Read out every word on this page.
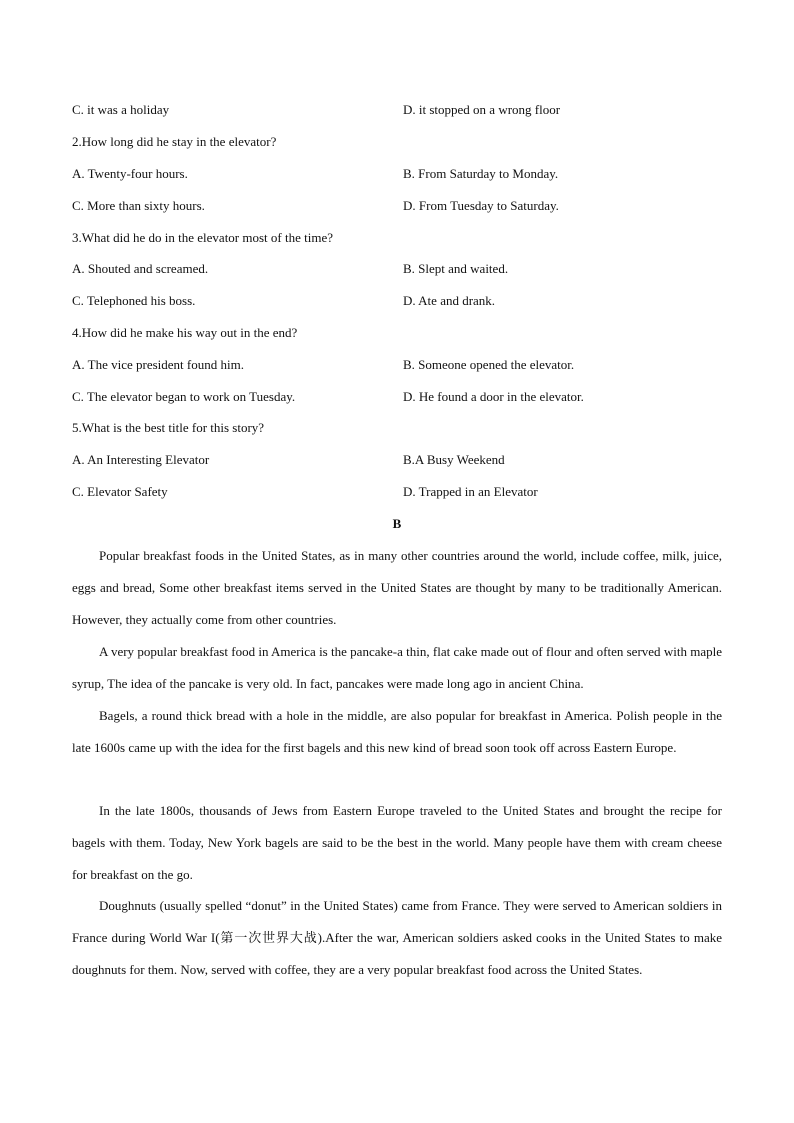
C. it was a holiday	D. it stopped on a wrong floor
2.How long did he stay in the elevator?
A. Twenty-four hours.	B. From Saturday to Monday.
C. More than sixty hours.	D. From Tuesday to Saturday.
3.What did he do in the elevator most of the time?
A. Shouted and screamed.	B. Slept and waited.
C. Telephoned his boss.	D. Ate and drank.
4.How did he make his way out in the end?
A. The vice president found him.	B. Someone opened the elevator.
C. The elevator began to work on Tuesday.	D. He found a door in the elevator.
5.What is the best title for this story?
A. An Interesting Elevator	B.A Busy Weekend
C. Elevator Safety	D. Trapped in an Elevator
B

Popular breakfast foods in the United States, as in many other countries around the world, include coffee, milk, juice, eggs and bread, Some other breakfast items served in the United States are thought by many to be traditionally American. However, they actually come from other countries.

A very popular breakfast food in America is the pancake-a thin, flat cake made out of flour and often served with maple syrup, The idea of the pancake is very old. In fact, pancakes were made long ago in ancient China.

Bagels, a round thick bread with a hole in the middle, are also popular for breakfast in America. Polish people in the late 1600s came up with the idea for the first bagels and this new kind of bread soon took off across Eastern Europe.

In the late 1800s, thousands of Jews from Eastern Europe traveled to the United States and brought the recipe for bagels with them. Today, New York bagels are said to be the best in the world. Many people have them with cream cheese for breakfast on the go.

Doughnuts (usually spelled “donut” in the United States) came from France. They were served to American soldiers in France during World War I(第一次世界大战).After the war, American soldiers asked cooks in the United States to make doughnuts for them. Now, served with coffee, they are a very popular breakfast food across the United States.
